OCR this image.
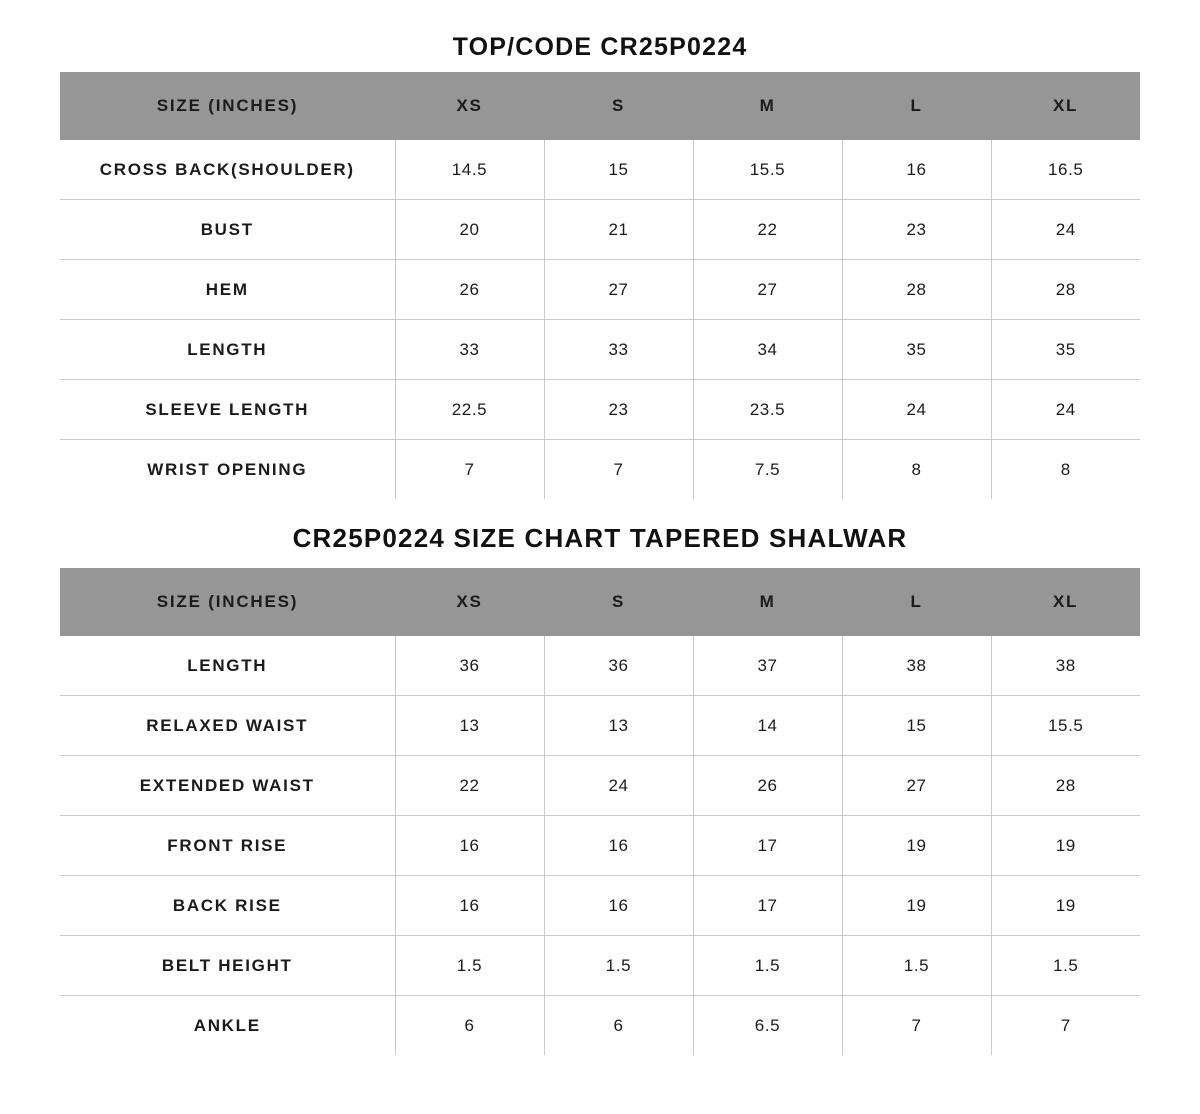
TOP/CODE CR25P0224
SIZE (INCHES)	XS	S	M	L	XL
CROSS BACK(SHOULDER)	14.5	15	15.5	16	16.5
BUST	20	21	22	23	24
HEM	26	27	27	28	28
LENGTH	33	33	34	35	35
SLEEVE LENGTH	22.5	23	23.5	24	24
WRIST OPENING	7	7	7.5	8	8
CR25P0224 SIZE CHART TAPERED SHALWAR
SIZE (INCHES)	XS	S	M	L	XL
LENGTH	36	36	37	38	38
RELAXED WAIST	13	13	14	15	15.5
EXTENDED WAIST	22	24	26	27	28
FRONT RISE	16	16	17	19	19
BACK RISE	16	16	17	19	19
BELT HEIGHT	1.5	1.5	1.5	1.5	1.5
ANKLE	6	6	6.5	7	7
